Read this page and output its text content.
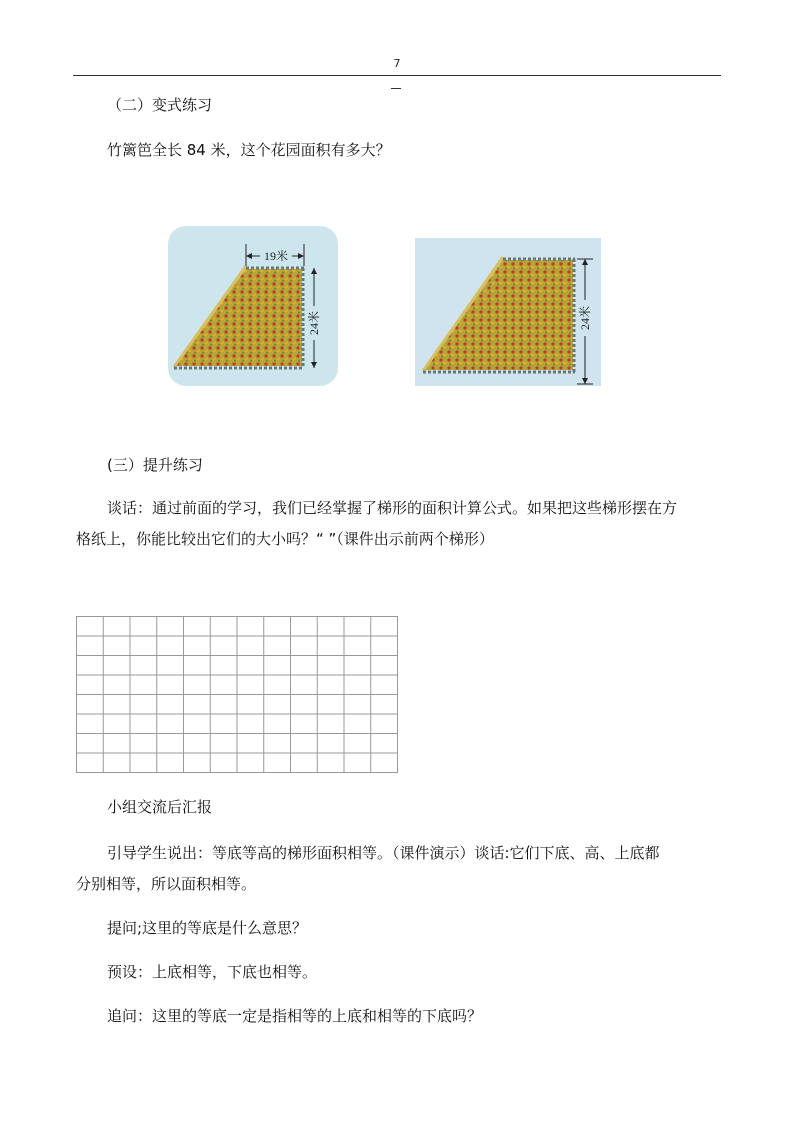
7
（二）变式练习
竹篱笆全长 84 米，这个花园面积有多大？
19米
24米	24米
(三）提升练习
谈话：通过前面的学习，我们已经掌握了梯形的面积计算公式。如果把这些梯形摆在方
格纸上，你能比较出它们的大小吗？“ ”（课件出示前两个梯形）
小组交流后汇报
引导学生说出：等底等高的梯形面积相等。（课件演示）谈话:它们下底、高、上底都
分别相等，所以面积相等。
提问;这里的等底是什么意思？
预设：上底相等，下底也相等。
追问：这里的等底一定是指相等的上底和相等的下底吗？
